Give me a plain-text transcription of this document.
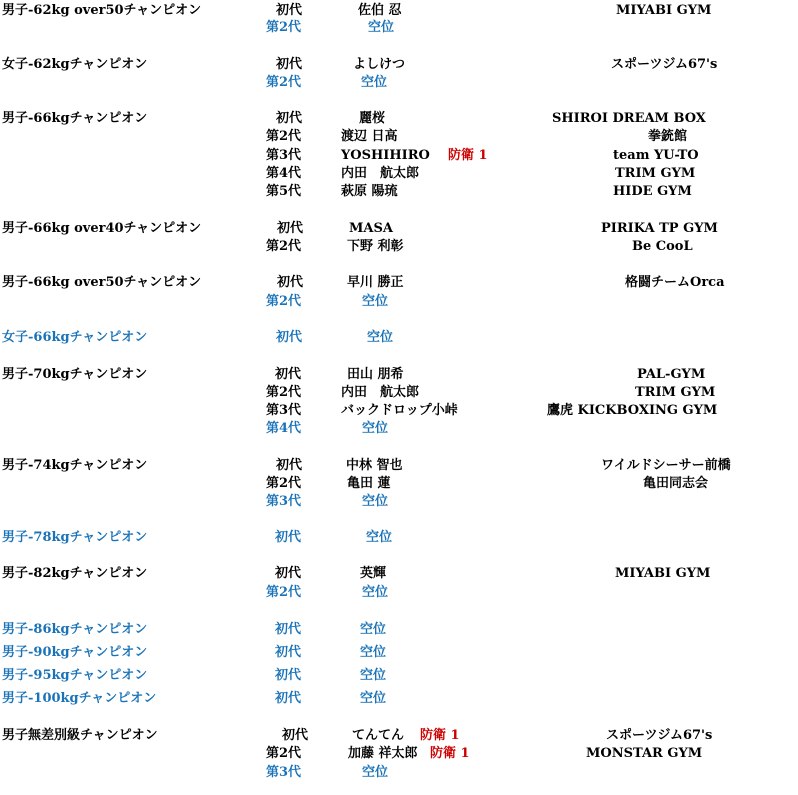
男子-62kg over50チャンピオン	初代	佐伯 忍	MIYABI GYM
第2代	空位
女子-62kgチャンピオン	初代	よしけつ	スポーツジム67's
第2代	空位
男子-66kgチャンピオン	初代	麗桜	SHIROI DREAM BOX
第2代	渡辺 日高	拳銃館
第3代	YOSHIHIRO 防衛 1	team YU-TO
第4代	内田　航太郎	TRIM GYM
第5代	萩原 陽琉	HIDE GYM
男子-66kg over40チャンピオン	初代	MASA	PIRIKA TP GYM
第2代	下野 利彰	Be CooL
男子-66kg over50チャンピオン	初代	早川 勝正	格闘チームOrca
第2代	空位
女子-66kgチャンピオン	初代	空位
男子-70kgチャンピオン	初代	田山 朋希	PAL-GYM
第2代	内田　航太郎	TRIM GYM
第3代	バックドロップ小峠	鷹虎 KICKBOXING GYM
第4代	空位
男子-74kgチャンピオン	初代	中林 智也	ワイルドシーサー前橋
第2代	亀田 蓮	亀田同志会
第3代	空位
男子-78kgチャンピオン	初代	空位
男子-82kgチャンピオン	初代	英輝	MIYABI GYM
第2代	空位
男子-86kgチャンピオン	初代	空位
男子-90kgチャンピオン	初代	空位
男子-95kgチャンピオン	初代	空位
男子-100kgチャンピオン	初代	空位
男子無差別級チャンピオン	初代	てんてん 防衛 1	スポーツジム67's
第2代	加藤 祥太郎 防衛 1	MONSTAR GYM
第3代	空位
